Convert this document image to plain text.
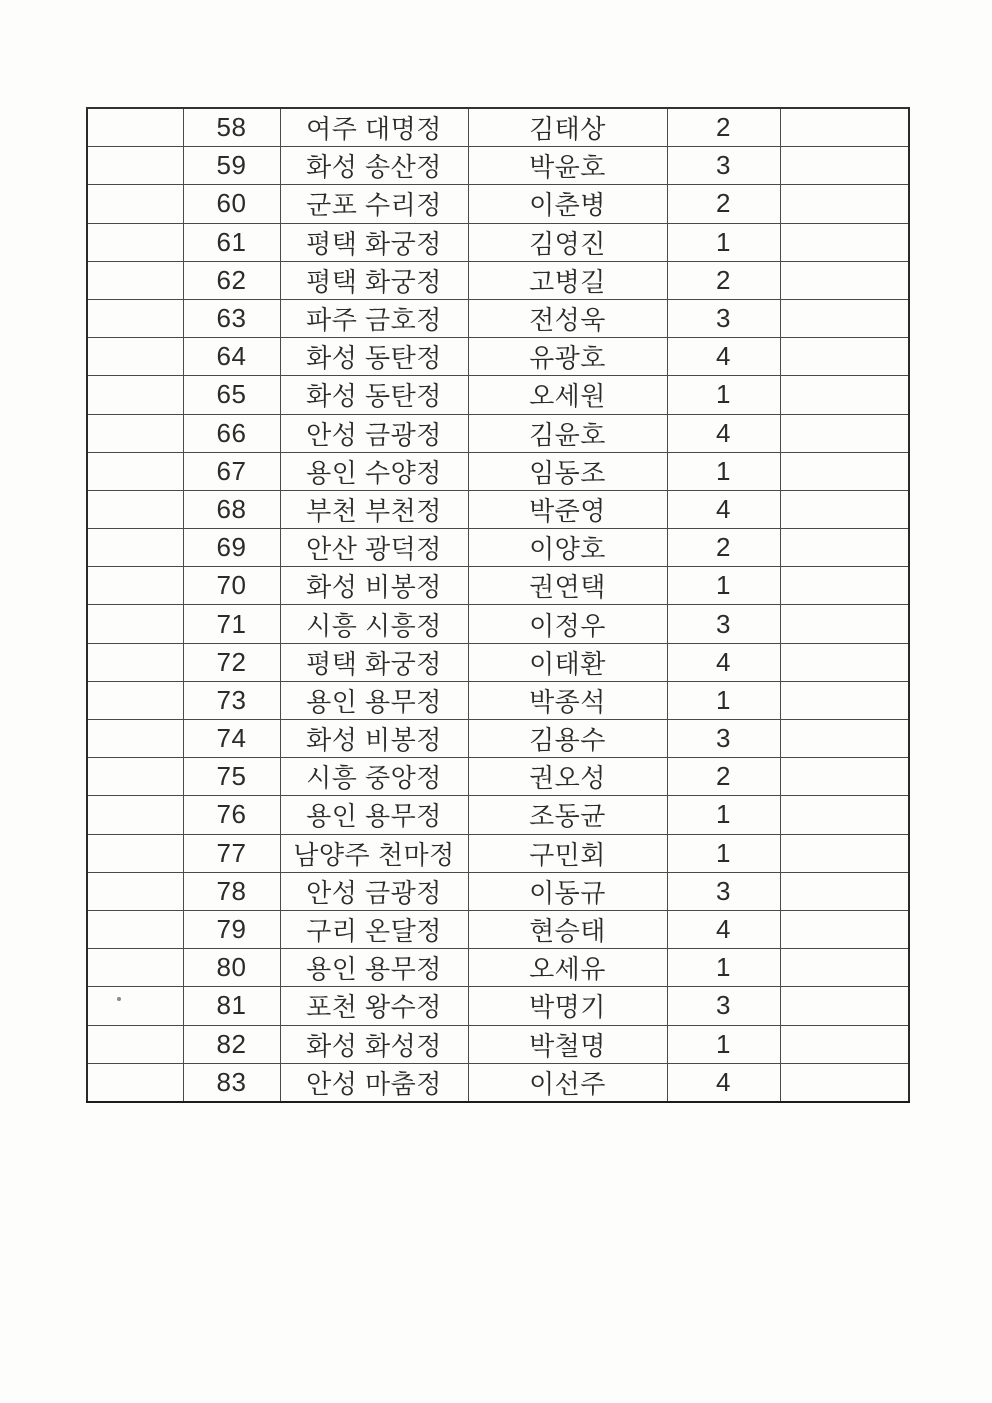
	58	여주 대명정	김태상	2	
	59	화성 송산정	박윤호	3	
	60	군포 수리정	이춘병	2	
	61	평택 화궁정	김영진	1	
	62	평택 화궁정	고병길	2	
	63	파주 금호정	전성욱	3	
	64	화성 동탄정	유광호	4	
	65	화성 동탄정	오세원	1	
	66	안성 금광정	김윤호	4	
	67	용인 수양정	임동조	1	
	68	부천 부천정	박준영	4	
	69	안산 광덕정	이양호	2	
	70	화성 비봉정	권연택	1	
	71	시흥 시흥정	이정우	3	
	72	평택 화궁정	이태환	4	
	73	용인 용무정	박종석	1	
	74	화성 비봉정	김용수	3	
	75	시흥 중앙정	권오성	2	
	76	용인 용무정	조동균	1	
	77	남양주 천마정	구민회	1	
	78	안성 금광정	이동규	3	
	79	구리 온달정	현승태	4	
	80	용인 용무정	오세유	1	
	81	포천 왕수정	박명기	3	
	82	화성 화성정	박철명	1	
	83	안성 마춤정	이선주	4	
